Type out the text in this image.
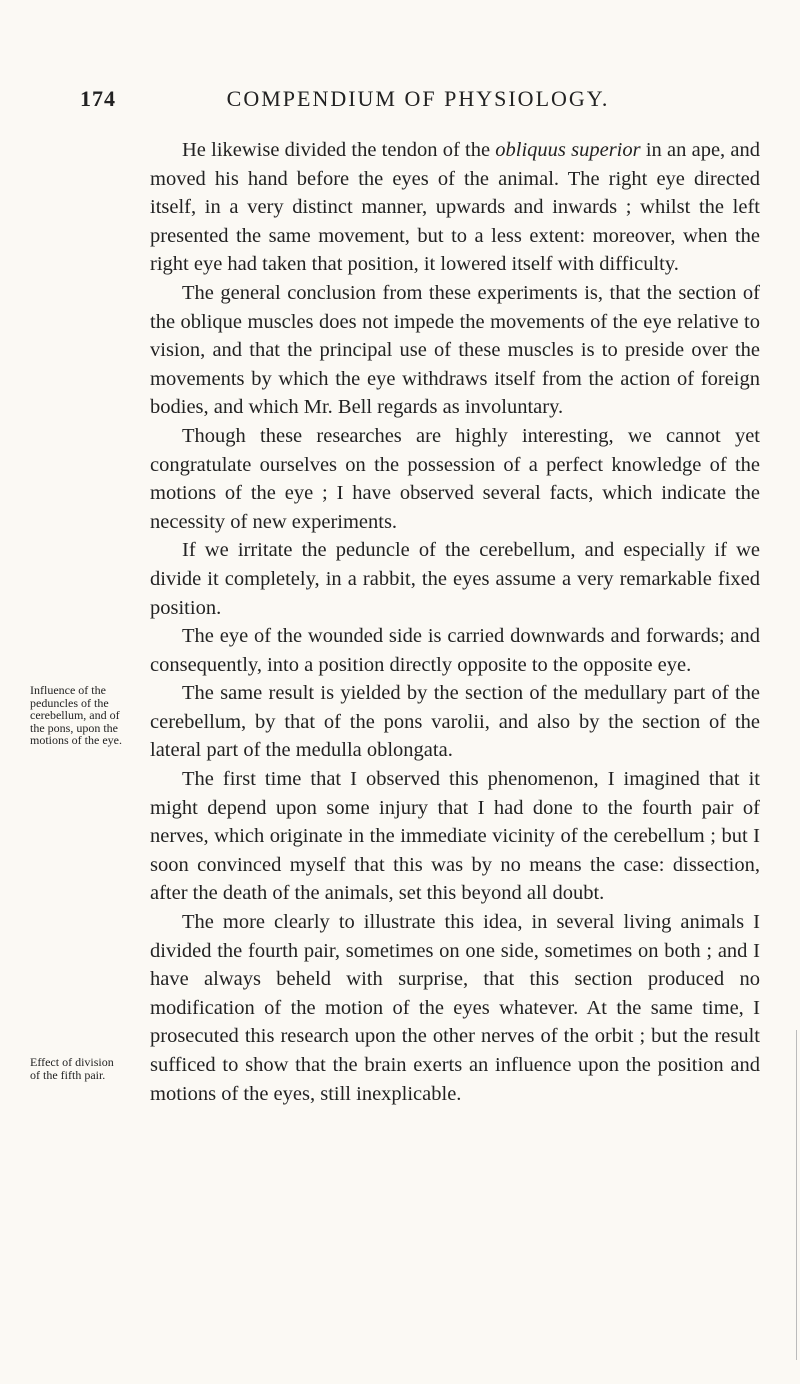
174	COMPENDIUM OF PHYSIOLOGY.

He likewise divided the tendon of the obliquus superior in an ape, and moved his hand before the eyes of the animal. The right eye directed itself, in a very distinct manner, upwards and inwards ; whilst the left presented the same movement, but to a less extent: moreover, when the right eye had taken that position, it lowered itself with difficulty.

The general conclusion from these experiments is, that the section of the oblique muscles does not impede the movements of the eye relative to vision, and that the principal use of these muscles is to preside over the movements by which the eye withdraws itself from the action of foreign bodies, and which Mr. Bell regards as involuntary.

Though these researches are highly interesting, we cannot yet congratulate ourselves on the possession of a perfect knowledge of the motions of the eye ; I have observed several facts, which indicate the necessity of new experiments.

If we irritate the peduncle of the cerebellum, and especially if we divide it completely, in a rabbit, the eyes assume a very remarkable fixed position.

The eye of the wounded side is carried downwards and forwards; and consequently, into a position directly opposite to the opposite eye.

The same result is yielded by the section of the medullary part of the cerebellum, by that of the pons varolii, and also by the section of the lateral part of the medulla oblongata.

The first time that I observed this phenomenon, I imagined that it might depend upon some injury that I had done to the fourth pair of nerves, which originate in the immediate vicinity of the cerebellum ; but I soon convinced myself that this was by no means the case: dissection, after the death of the animals, set this beyond all doubt.

The more clearly to illustrate this idea, in several living animals I divided the fourth pair, sometimes on one side, sometimes on both ; and I have always beheld with surprise, that this section produced no modification of the motion of the eyes whatever. At the same time, I prosecuted this research upon the other nerves of the orbit ; but the result sufficed to show that the brain exerts an influence upon the position and motions of the eyes, still inexplicable.

Influence of the peduncles of the cerebellum, and of the pons, upon the motions of the eye.
Effect of division of the fifth pair.
